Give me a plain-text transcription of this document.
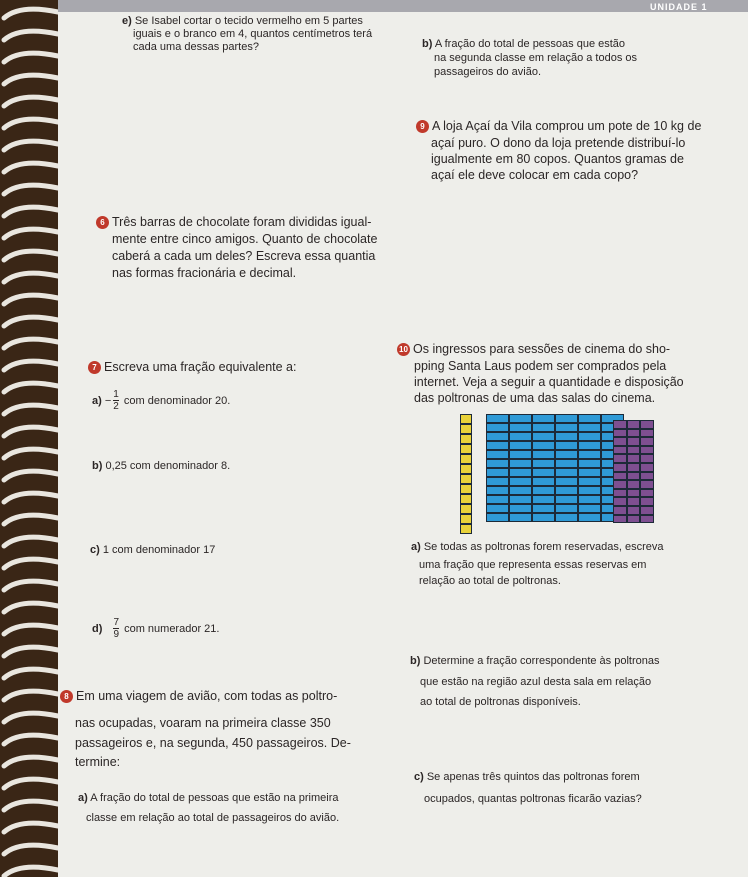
UNIDADE 1
e) Se Isabel cortar o tecido vermelho em 5 partes
iguais e o branco em 4, quantos centímetros terá
cada uma dessas partes?
6 Três barras de chocolate foram divididas igual-
mente entre cinco amigos. Quanto de chocolate
caberá a cada um deles? Escreva essa quantia
nas formas fracionária e decimal.
7 Escreva uma fração equivalente a:
$a) - \frac{1}{2}$ com denominador 20.
b) 0,25 com denominador 8.
c) 1 com denominador 17
$d) \frac{7}{9}$ com numerador 21.
8 Em uma viagem de avião, com todas as poltro-
nas ocupadas, voaram na primeira classe 350
passageiros e, na segunda, 450 passageiros. De-
termine:
a) A fração do total de pessoas que estão na primeira
classe em relação ao total de passageiros do avião.
b) A fração do total de pessoas que estão
na segunda classe em relação a todos os
passageiros do avião.
9 A loja Açaí da Vila comprou um pote de 10 kg de
açaí puro. O dono da loja pretende distribuí-lo
igualmente em 80 copos. Quantos gramas de
açaí ele deve colocar em cada copo?
10 Os ingressos para sessões de cinema do sho-
pping Santa Laus podem ser comprados pela
internet. Veja a seguir a quantidade e disposição
das poltronas de uma das salas do cinema.
a) Se todas as poltronas forem reservadas, escreva
uma fração que representa essas reservas em
relação ao total de poltronas.
b) Determine a fração correspondente às poltronas
que estão na região azul desta sala em relação
ao total de poltronas disponíveis.
c) Se apenas três quintos das poltronas forem
ocupados, quantas poltronas ficarão vazias?
